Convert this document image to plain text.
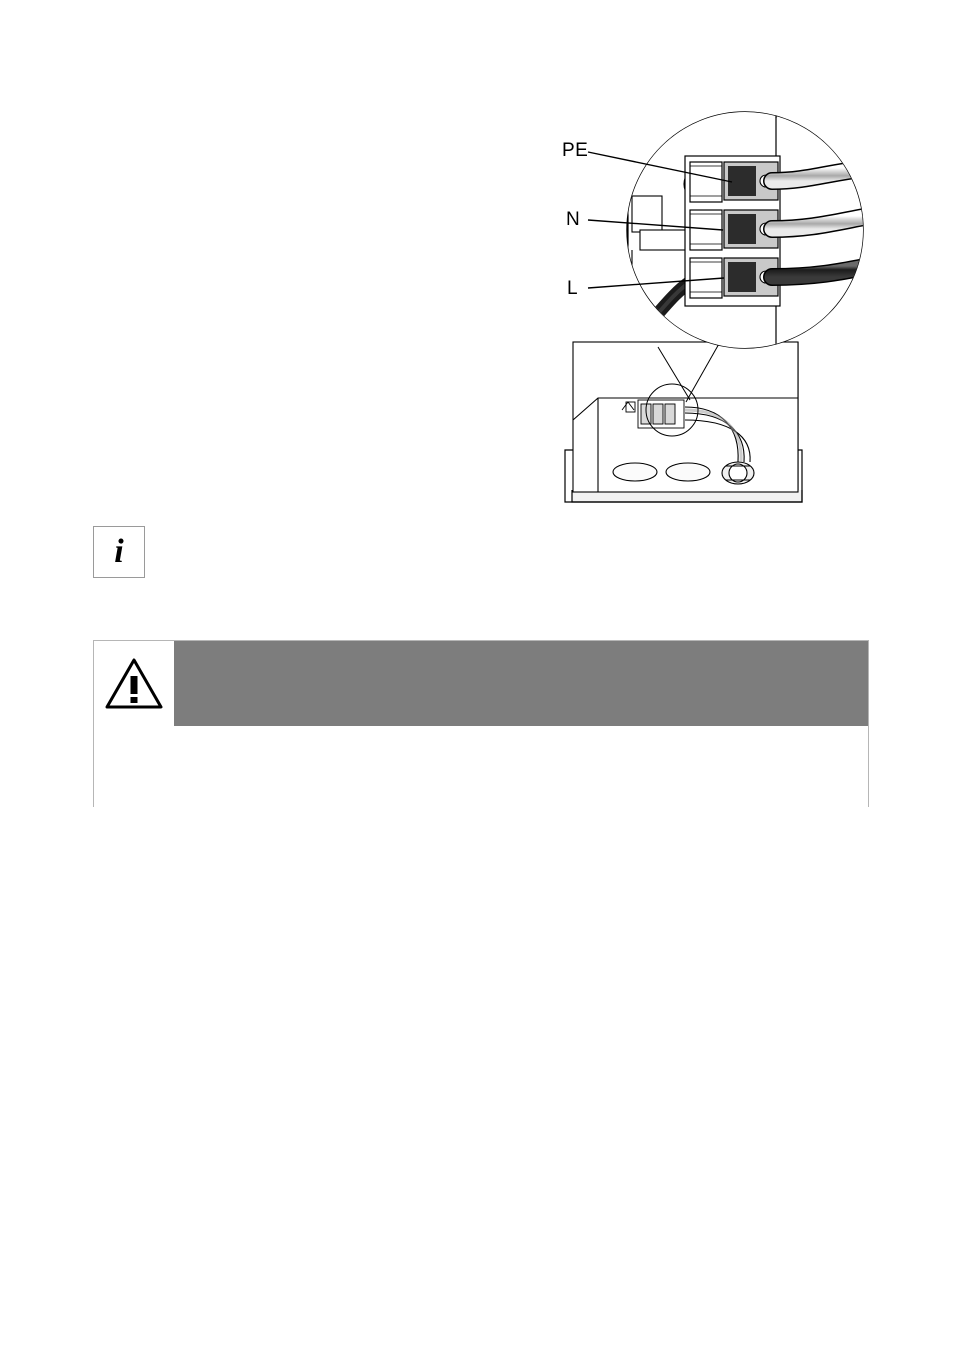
PE
N
L
i
